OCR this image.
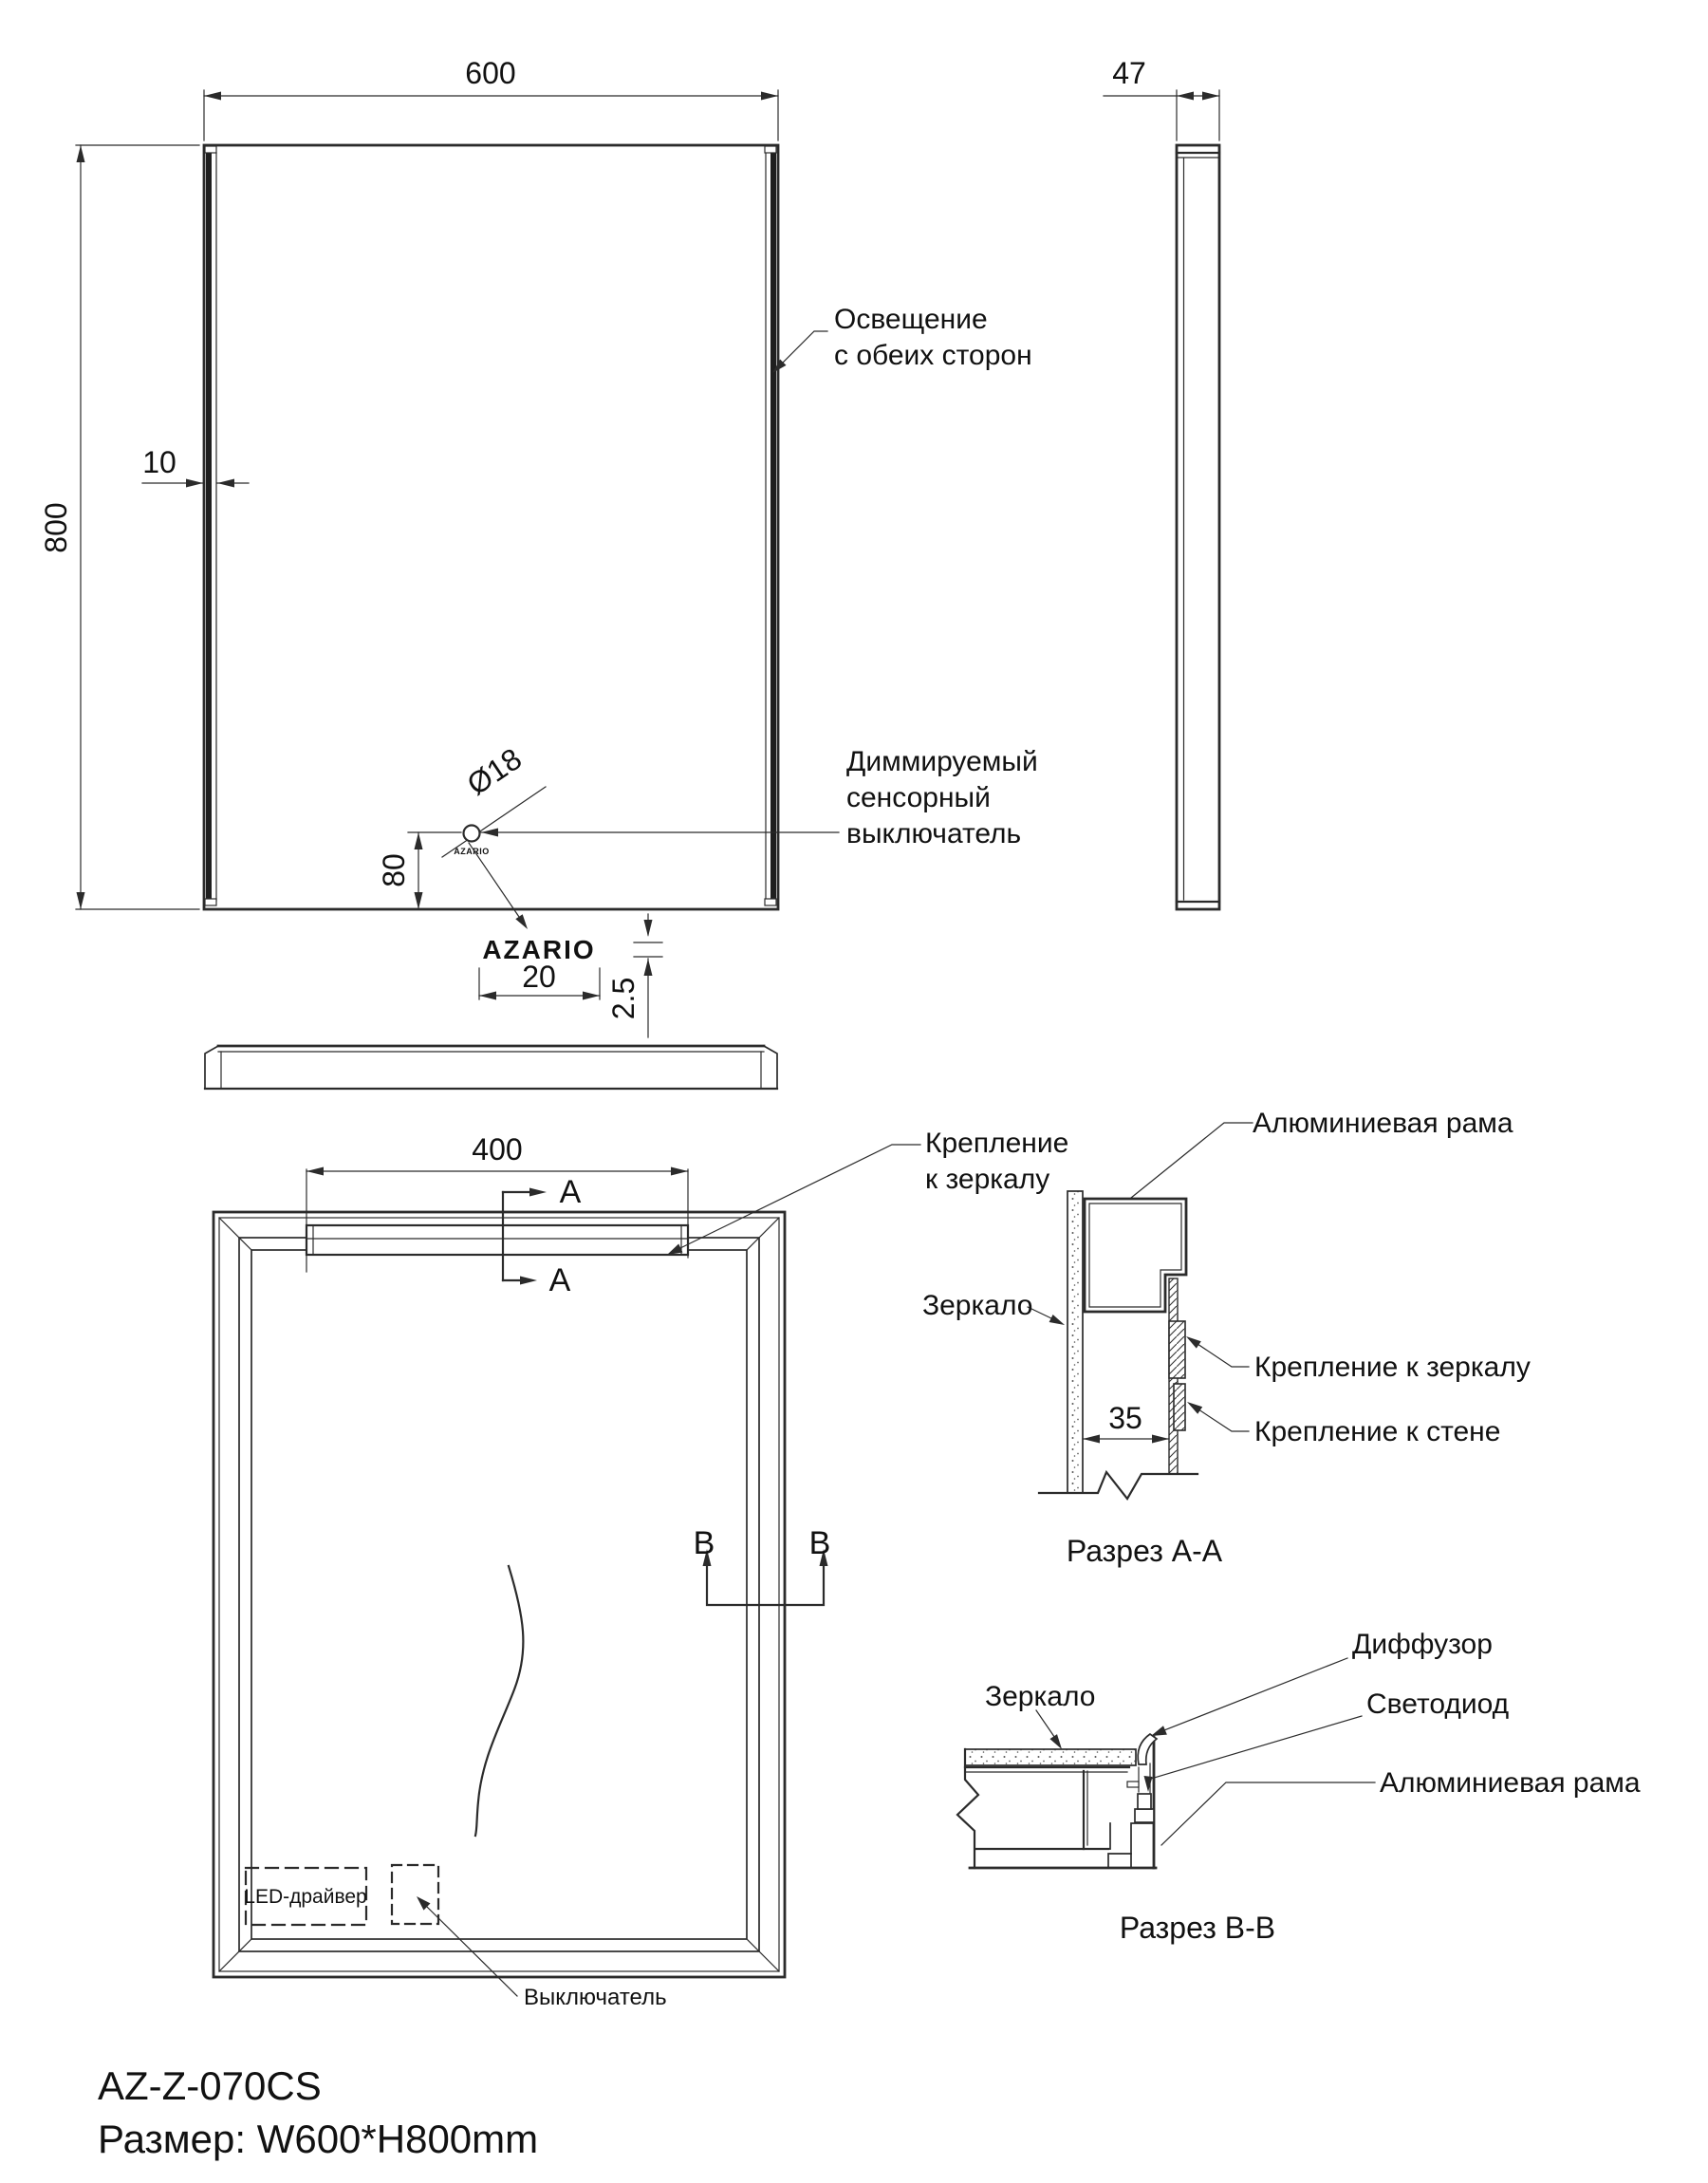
600
800
10
Ø18
AZARIO
80
AZARIO
20
2.5
Освещение
с обеих сторон
Диммируемый
сенсорный
выключатель
47
400
A
A
B	B
LED-драйвер
Выключатель
Крепление
к зеркалу
35
Алюминиевая рама
Зеркало
Крепление к зеркалу
Крепление к стене
Разрез А-А
Зеркало
Диффузор
Светодиод
Алюминиевая рама
Разрез B-B
AZ-Z-070CS
Размер: W600*H800mm
